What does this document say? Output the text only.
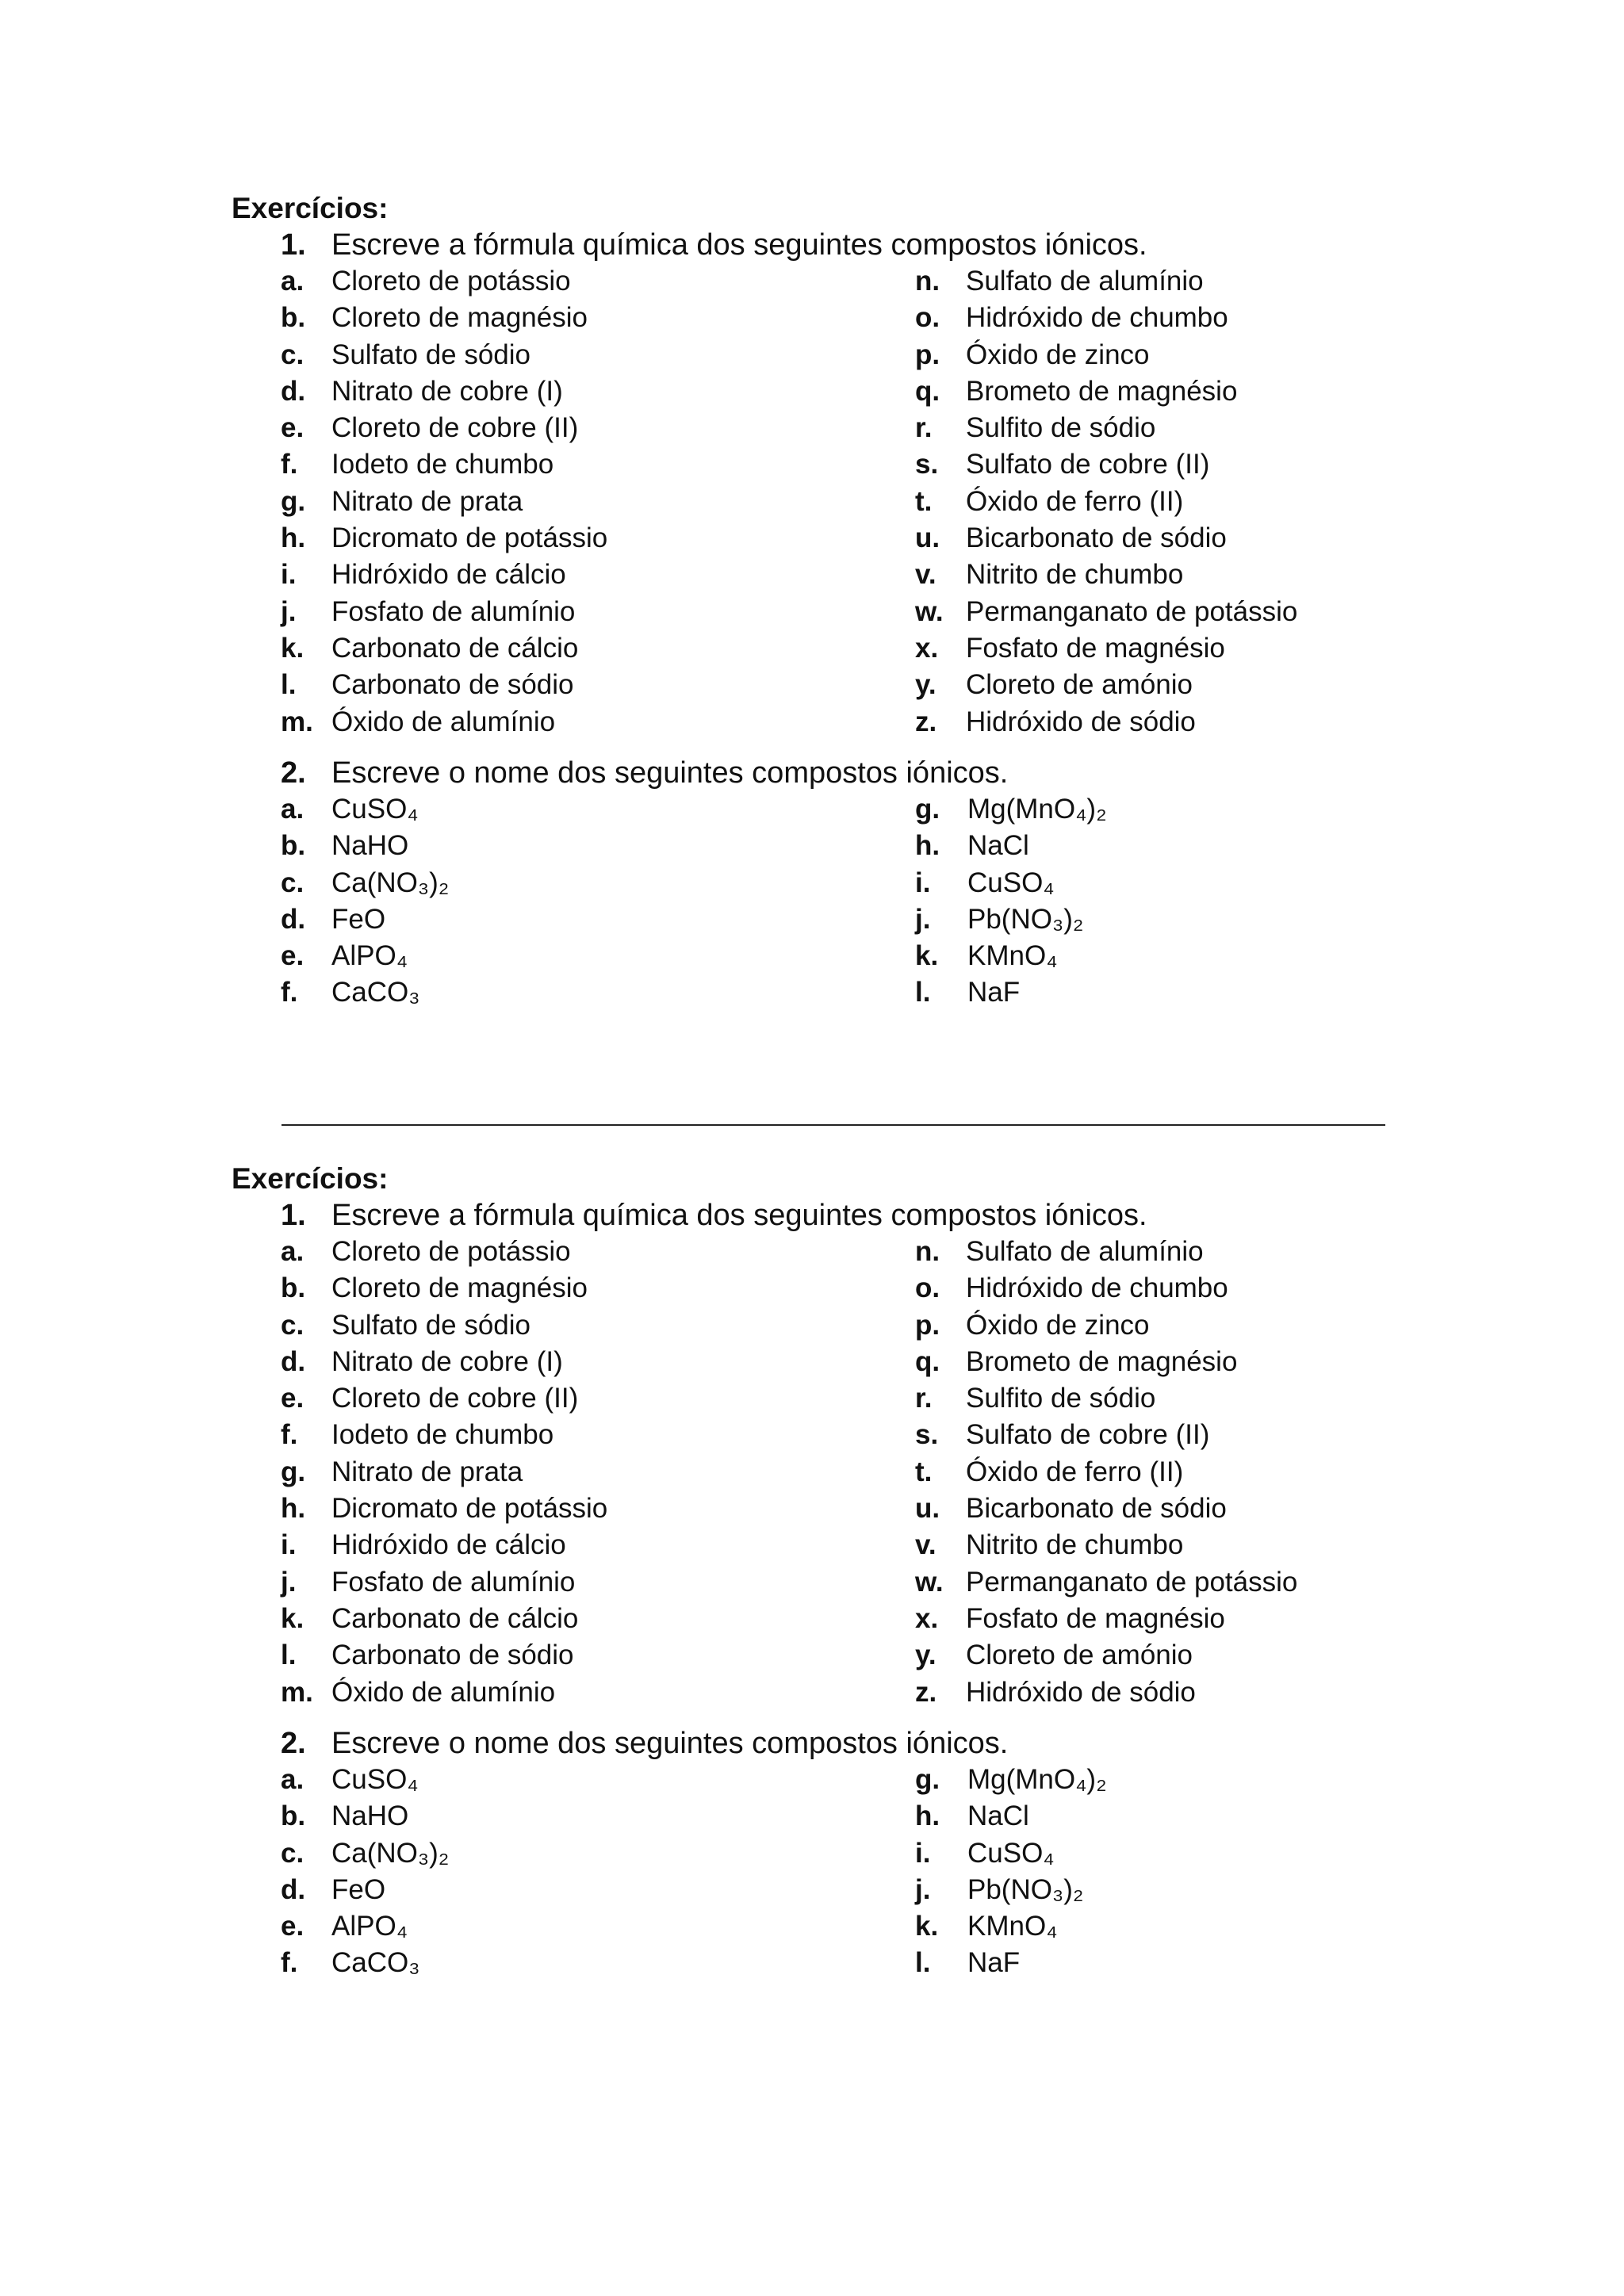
Exercícios:
1. Escreve a fórmula química dos seguintes compostos iónicos.
a. Cloreto de potássio
b. Cloreto de magnésio
c. Sulfato de sódio
d. Nitrato de cobre (I)
e. Cloreto de cobre (II)
f. Iodeto de chumbo
g. Nitrato de prata
h. Dicromato de potássio
i. Hidróxido de cálcio
j. Fosfato de alumínio
k. Carbonato de cálcio
l. Carbonato de sódio
m. Óxido de alumínio
n. Sulfato de alumínio
o. Hidróxido de chumbo
p. Óxido de zinco
q. Brometo de magnésio
r. Sulfito de sódio
s. Sulfato de cobre (II)
t. Óxido de ferro (II)
u. Bicarbonato de sódio
v. Nitrito de chumbo
w. Permanganato de potássio
x. Fosfato de magnésio
y. Cloreto de amónio
z. Hidróxido de sódio
2. Escreve o nome dos seguintes compostos iónicos.
a. CuSO₄
b. NaHO
c. Ca(NO₃)₂
d. FeO
e. AlPO₄
f. CaCO₃
g. Mg(MnO₄)₂
h. NaCl
i. CuSO₄
j. Pb(NO₃)₂
k. KMnO₄
l. NaF
Exercícios:
1. Escreve a fórmula química dos seguintes compostos iónicos.
a. Cloreto de potássio
b. Cloreto de magnésio
c. Sulfato de sódio
d. Nitrato de cobre (I)
e. Cloreto de cobre (II)
f. Iodeto de chumbo
g. Nitrato de prata
h. Dicromato de potássio
i. Hidróxido de cálcio
j. Fosfato de alumínio
k. Carbonato de cálcio
l. Carbonato de sódio
m. Óxido de alumínio
n. Sulfato de alumínio
o. Hidróxido de chumbo
p. Óxido de zinco
q. Brometo de magnésio
r. Sulfito de sódio
s. Sulfato de cobre (II)
t. Óxido de ferro (II)
u. Bicarbonato de sódio
v. Nitrito de chumbo
w. Permanganato de potássio
x. Fosfato de magnésio
y. Cloreto de amónio
z. Hidróxido de sódio
2. Escreve o nome dos seguintes compostos iónicos.
a. CuSO₄
b. NaHO
c. Ca(NO₃)₂
d. FeO
e. AlPO₄
f. CaCO₃
g. Mg(MnO₄)₂
h. NaCl
i. CuSO₄
j. Pb(NO₃)₂
k. KMnO₄
l. NaF
